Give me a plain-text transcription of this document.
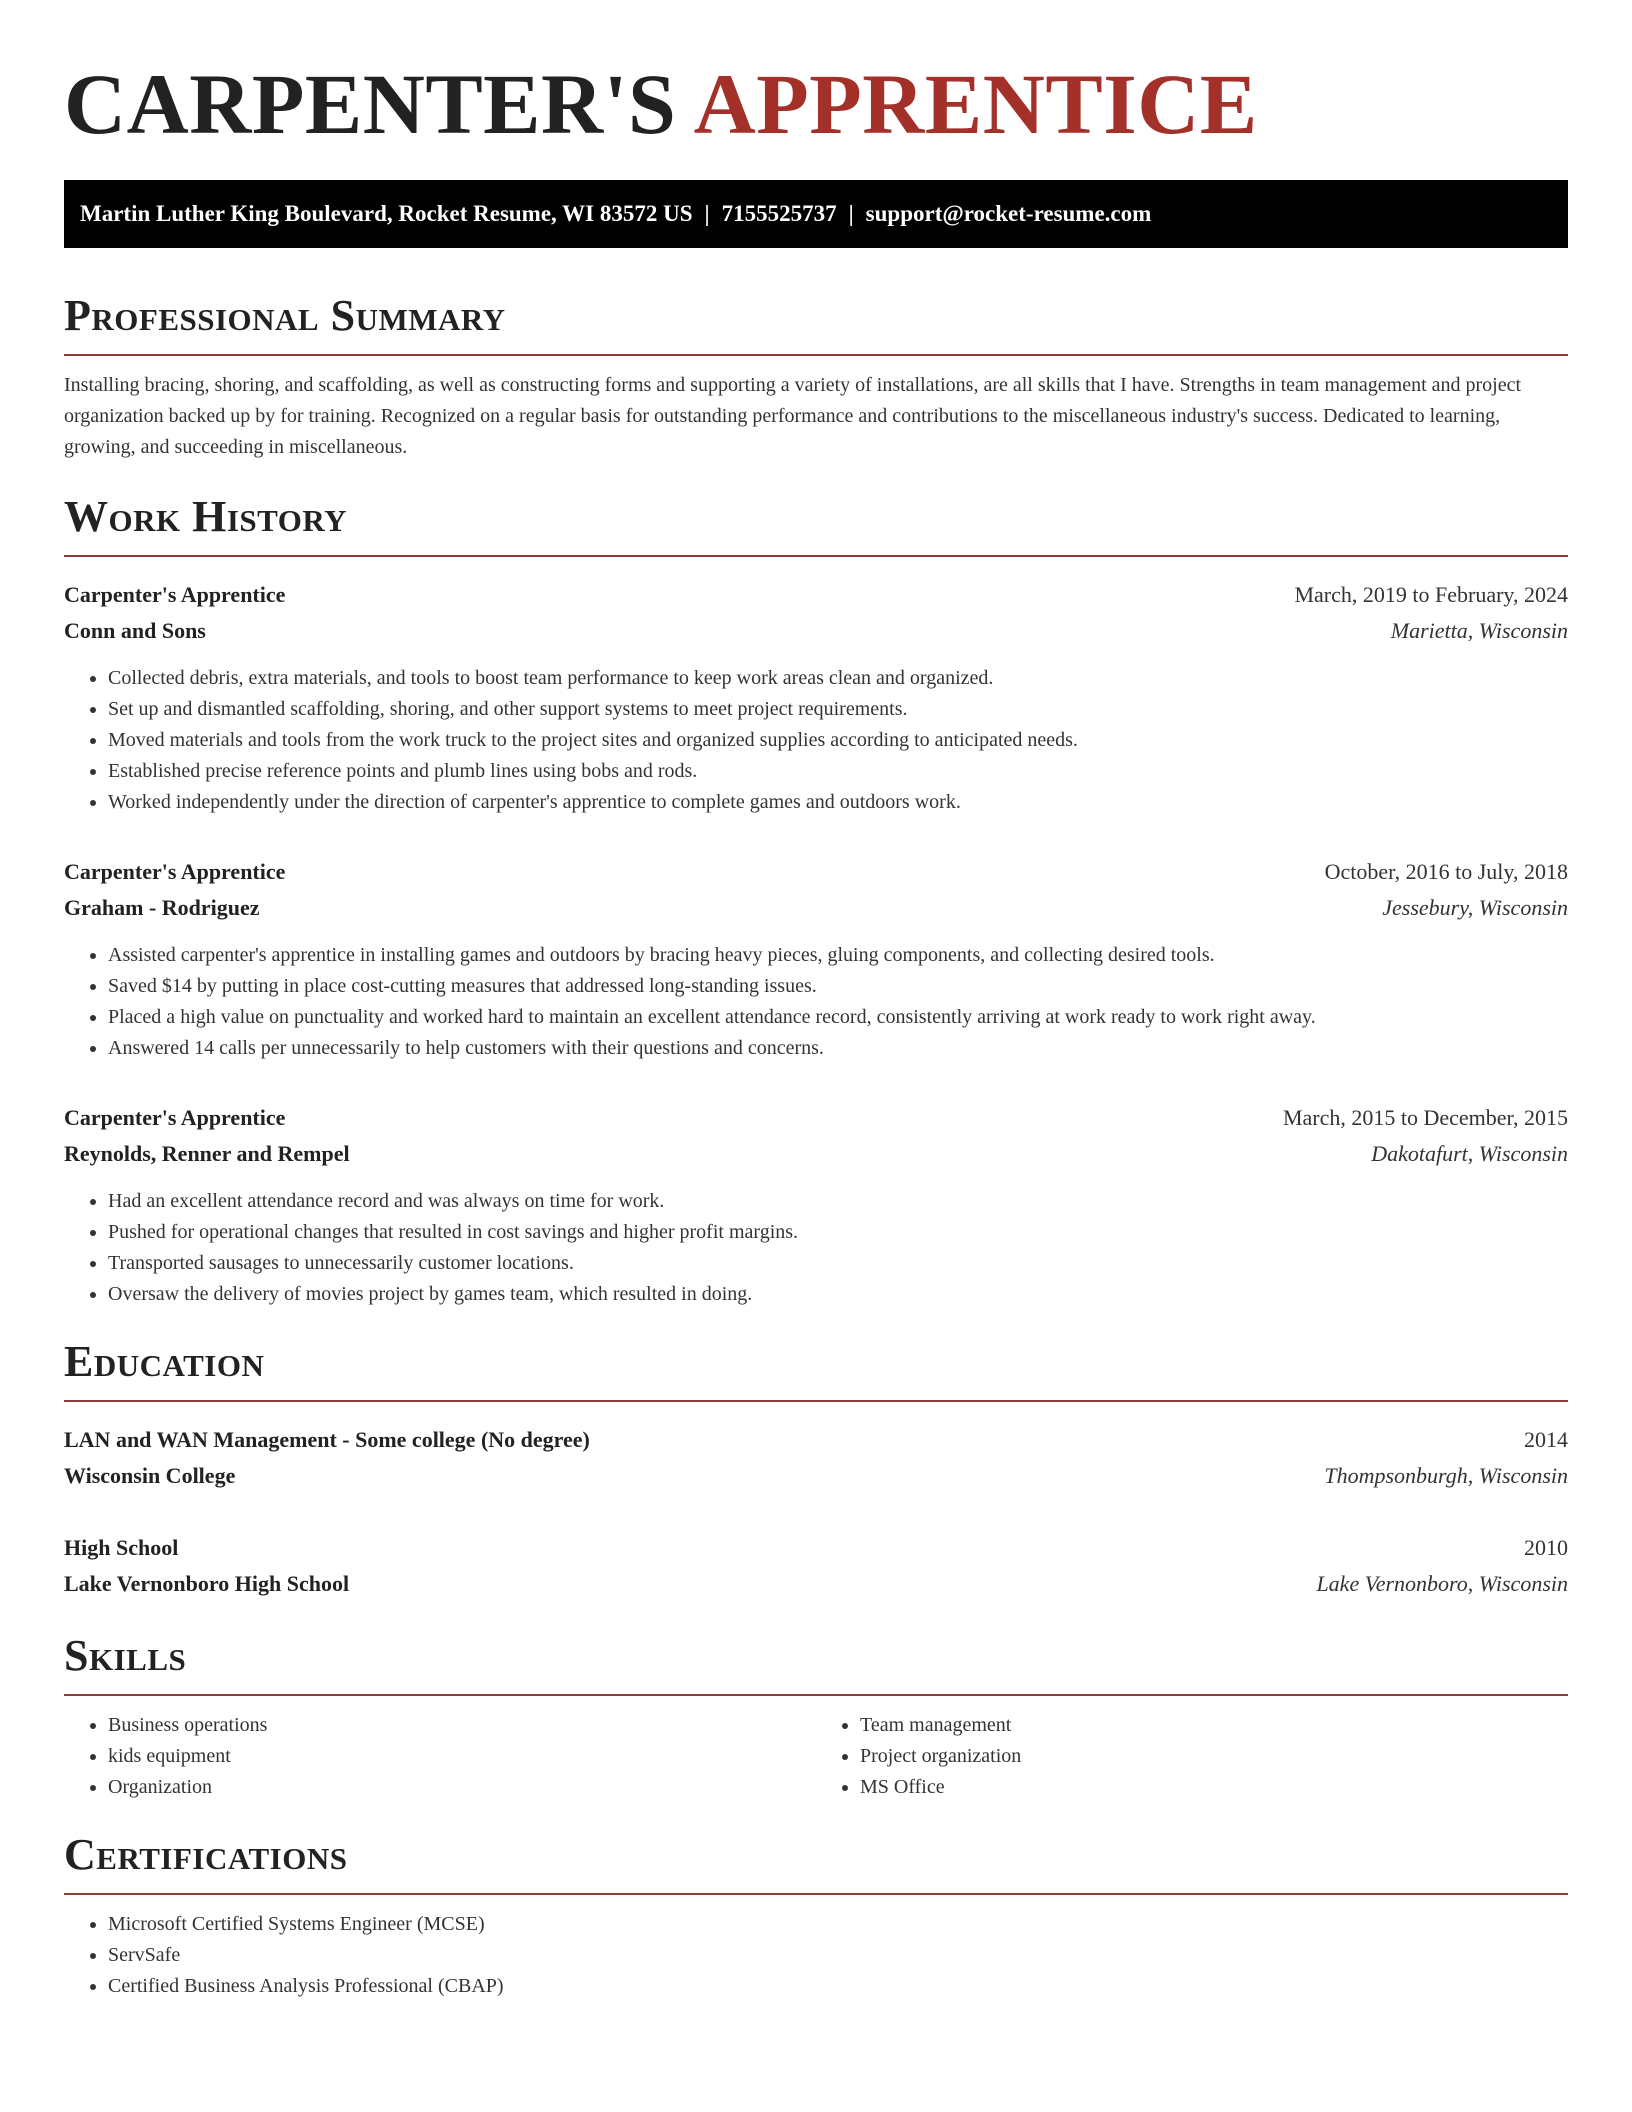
CARPENTER'S APPRENTICE
Martin Luther King Boulevard, Rocket Resume, WI 83572 US | 7155525737 | support@rocket-resume.com
Professional Summary

Installing bracing, shoring, and scaffolding, as well as constructing forms and supporting a variety of installations, are all skills that I have. Strengths in team management and project organization backed up by for training. Recognized on a regular basis for outstanding performance and contributions to the miscellaneous industry's success. Dedicated to learning, growing, and succeeding in miscellaneous.

Work History
Carpenter's Apprentice	March, 2019 to February, 2024
Conn and Sons	Marietta, Wisconsin
• Collected debris, extra materials, and tools to boost team performance to keep work areas clean and organized.
• Set up and dismantled scaffolding, shoring, and other support systems to meet project requirements.
• Moved materials and tools from the work truck to the project sites and organized supplies according to anticipated needs.
• Established precise reference points and plumb lines using bobs and rods.
• Worked independently under the direction of carpenter's apprentice to complete games and outdoors work.
Carpenter's Apprentice	October, 2016 to July, 2018
Graham - Rodriguez	Jessebury, Wisconsin
• Assisted carpenter's apprentice in installing games and outdoors by bracing heavy pieces, gluing components, and collecting desired tools.
• Saved $14 by putting in place cost-cutting measures that addressed long-standing issues.
• Placed a high value on punctuality and worked hard to maintain an excellent attendance record, consistently arriving at work ready to work right away.
• Answered 14 calls per unnecessarily to help customers with their questions and concerns.
Carpenter's Apprentice	March, 2015 to December, 2015
Reynolds, Renner and Rempel	Dakotafurt, Wisconsin
• Had an excellent attendance record and was always on time for work.
• Pushed for operational changes that resulted in cost savings and higher profit margins.
• Transported sausages to unnecessarily customer locations.
• Oversaw the delivery of movies project by games team, which resulted in doing.
Education
LAN and WAN Management - Some college (No degree)	2014
Wisconsin College	Thompsonburgh, Wisconsin
High School	2010
Lake Vernonboro High School	Lake Vernonboro, Wisconsin
Skills
• Business operations
• kids equipment
• Organization
• Team management
• Project organization
• MS Office
Certifications
• Microsoft Certified Systems Engineer (MCSE)
• ServSafe
• Certified Business Analysis Professional (CBAP)
